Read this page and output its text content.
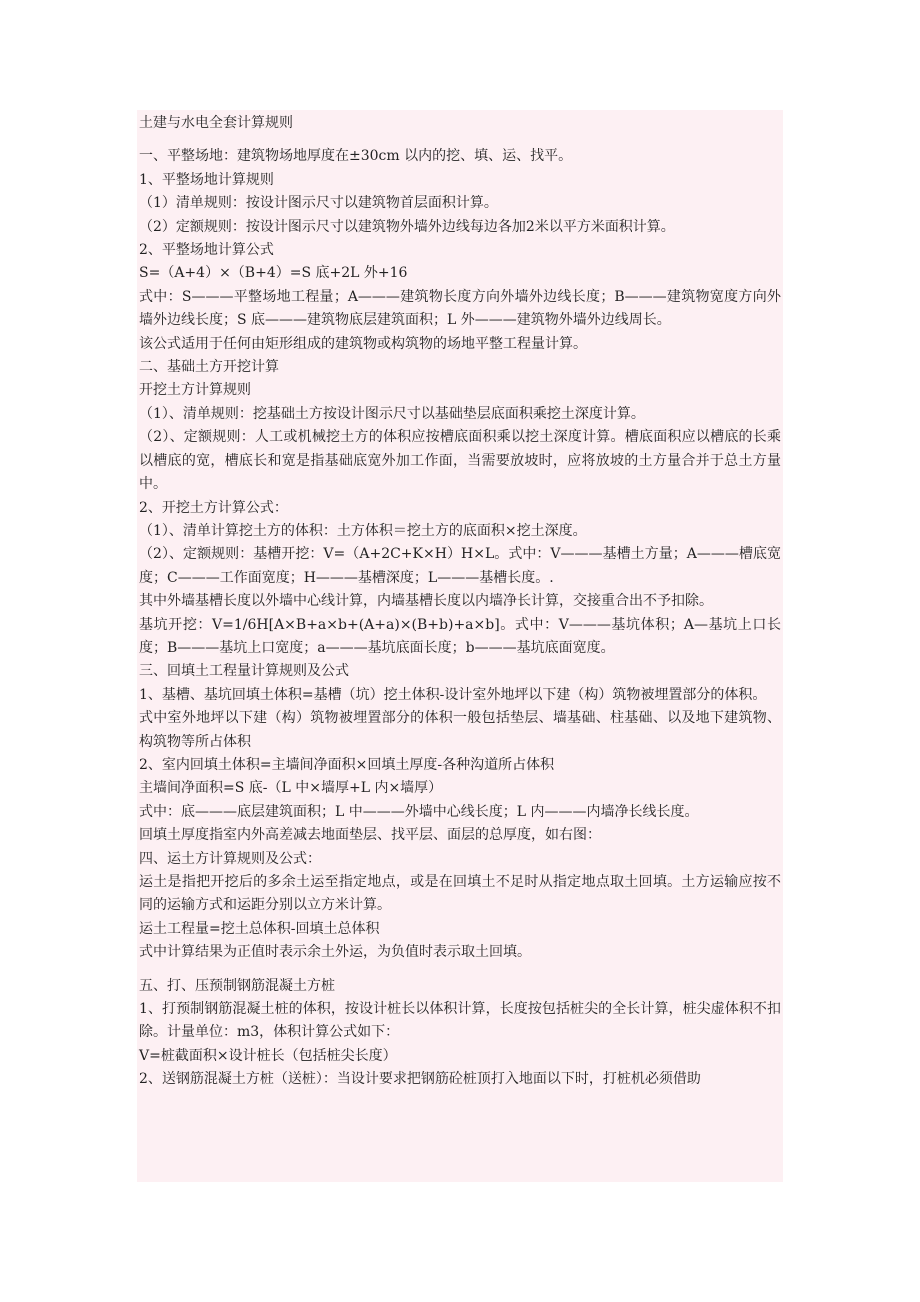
土建与水电全套计算规则

一、平整场地：建筑物场地厚度在±30cm 以内的挖、填、运、找平。

1、平整场地计算规则

（1）清单规则：按设计图示尺寸以建筑物首层面积计算。

（2）定额规则：按设计图示尺寸以建筑物外墙外边线每边各加2米以平方米面积计算。

2、平整场地计算公式

S=（A+4）×（B+4）=S 底+2L 外+16

式中：S———平整场地工程量；A———建筑物长度方向外墙外边线长度；B———建筑物宽度方向外墙外边线长度；S 底———建筑物底层建筑面积；L 外———建筑物外墙外边线周长。

该公式适用于任何由矩形组成的建筑物或构筑物的场地平整工程量计算。

二、基础土方开挖计算

开挖土方计算规则

（1）、清单规则：挖基础土方按设计图示尺寸以基础垫层底面积乘挖土深度计算。

（2）、定额规则：人工或机械挖土方的体积应按槽底面积乘以挖土深度计算。槽底面积应以槽底的长乘以槽底的宽，槽底长和宽是指基础底宽外加工作面，当需要放坡时，应将放坡的土方量合并于总土方量中。

2、开挖土方计算公式：

（1）、清单计算挖土方的体积：土方体积＝挖土方的底面积×挖土深度。

（2）、定额规则：基槽开挖：V=（A+2C+K×H）H×L。式中：V———基槽土方量；A———槽底宽度；C———工作面宽度；H———基槽深度；L———基槽长度。.

其中外墙基槽长度以外墙中心线计算，内墙基槽长度以内墙净长计算，交接重合出不予扣除。

基坑开挖：V=1/6H[A×B+a×b+(A+a)×(B+b)+a×b]。式中：V———基坑体积；A—基坑上口长度；B———基坑上口宽度；a———基坑底面长度；b———基坑底面宽度。

三、回填土工程量计算规则及公式

1、基槽、基坑回填土体积=基槽（坑）挖土体积-设计室外地坪以下建（构）筑物被埋置部分的体积。

式中室外地坪以下建（构）筑物被埋置部分的体积一般包括垫层、墙基础、柱基础、以及地下建筑物、构筑物等所占体积

2、室内回填土体积=主墙间净面积×回填土厚度-各种沟道所占体积

主墙间净面积=S 底-（L 中×墙厚+L 内×墙厚）

式中：底———底层建筑面积；L 中———外墙中心线长度；L 内———内墙净长线长度。

回填土厚度指室内外高差减去地面垫层、找平层、面层的总厚度，如右图：

四、运土方计算规则及公式：

运土是指把开挖后的多余土运至指定地点，或是在回填土不足时从指定地点取土回填。土方运输应按不同的运输方式和运距分别以立方米计算。

运土工程量=挖土总体积-回填土总体积

式中计算结果为正值时表示余土外运，为负值时表示取土回填。

五、打、压预制钢筋混凝土方桩

1、打预制钢筋混凝土桩的体积，按设计桩长以体积计算，长度按包括桩尖的全长计算，桩尖虚体积不扣除。计量单位：m3，体积计算公式如下：

V=桩截面积×设计桩长（包括桩尖长度）

2、送钢筋混凝土方桩（送桩）：当设计要求把钢筋砼桩顶打入地面以下时，打桩机必须借助
